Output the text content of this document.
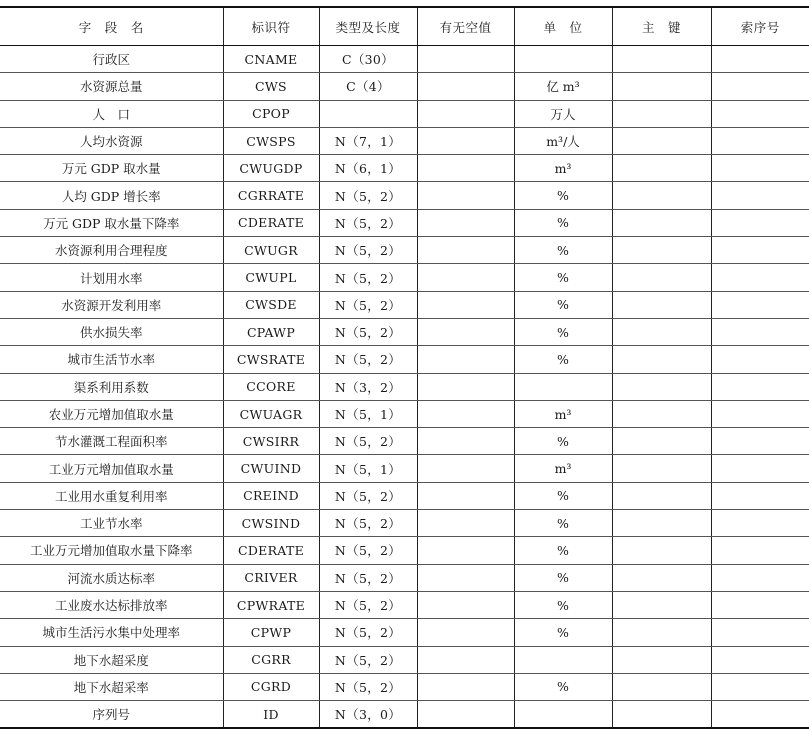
字　段　名	标识符	类型及长度	有无空值	单　位	主　键	索序号
行政区	CNAME	C（30）				
水资源总量	CWS	C（4）		亿 m³		
人　口	CPOP			万人		
人均水资源	CWSPS	N（7，1）		m³/人		
万元 GDP 取水量	CWUGDP	N（6，1）		m³		
人均 GDP 增长率	CGRRATE	N（5，2）		%		
万元 GDP 取水量下降率	CDERATE	N（5，2）		%		
水资源利用合理程度	CWUGR	N（5，2）		%		
计划用水率	CWUPL	N（5，2）		%		
水资源开发利用率	CWSDE	N（5，2）		%		
供水损失率	CPAWP	N（5，2）		%		
城市生活节水率	CWSRATE	N（5，2）		%		
渠系利用系数	CCORE	N（3，2）				
农业万元增加值取水量	CWUAGR	N（5，1）		m³		
节水灌溉工程面积率	CWSIRR	N（5，2）		%		
工业万元增加值取水量	CWUIND	N（5，1）		m³		
工业用水重复利用率	CREIND	N（5，2）		%		
工业节水率	CWSIND	N（5，2）		%		
工业万元增加值取水量下降率	CDERATE	N（5，2）		%		
河流水质达标率	CRIVER	N（5，2）		%		
工业废水达标排放率	CPWRATE	N（5，2）		%		
城市生活污水集中处理率	CPWP	N（5，2）		%		
地下水超采度	CGRR	N（5，2）				
地下水超采率	CGRD	N（5，2）		%		
序列号	ID	N（3，0）				
